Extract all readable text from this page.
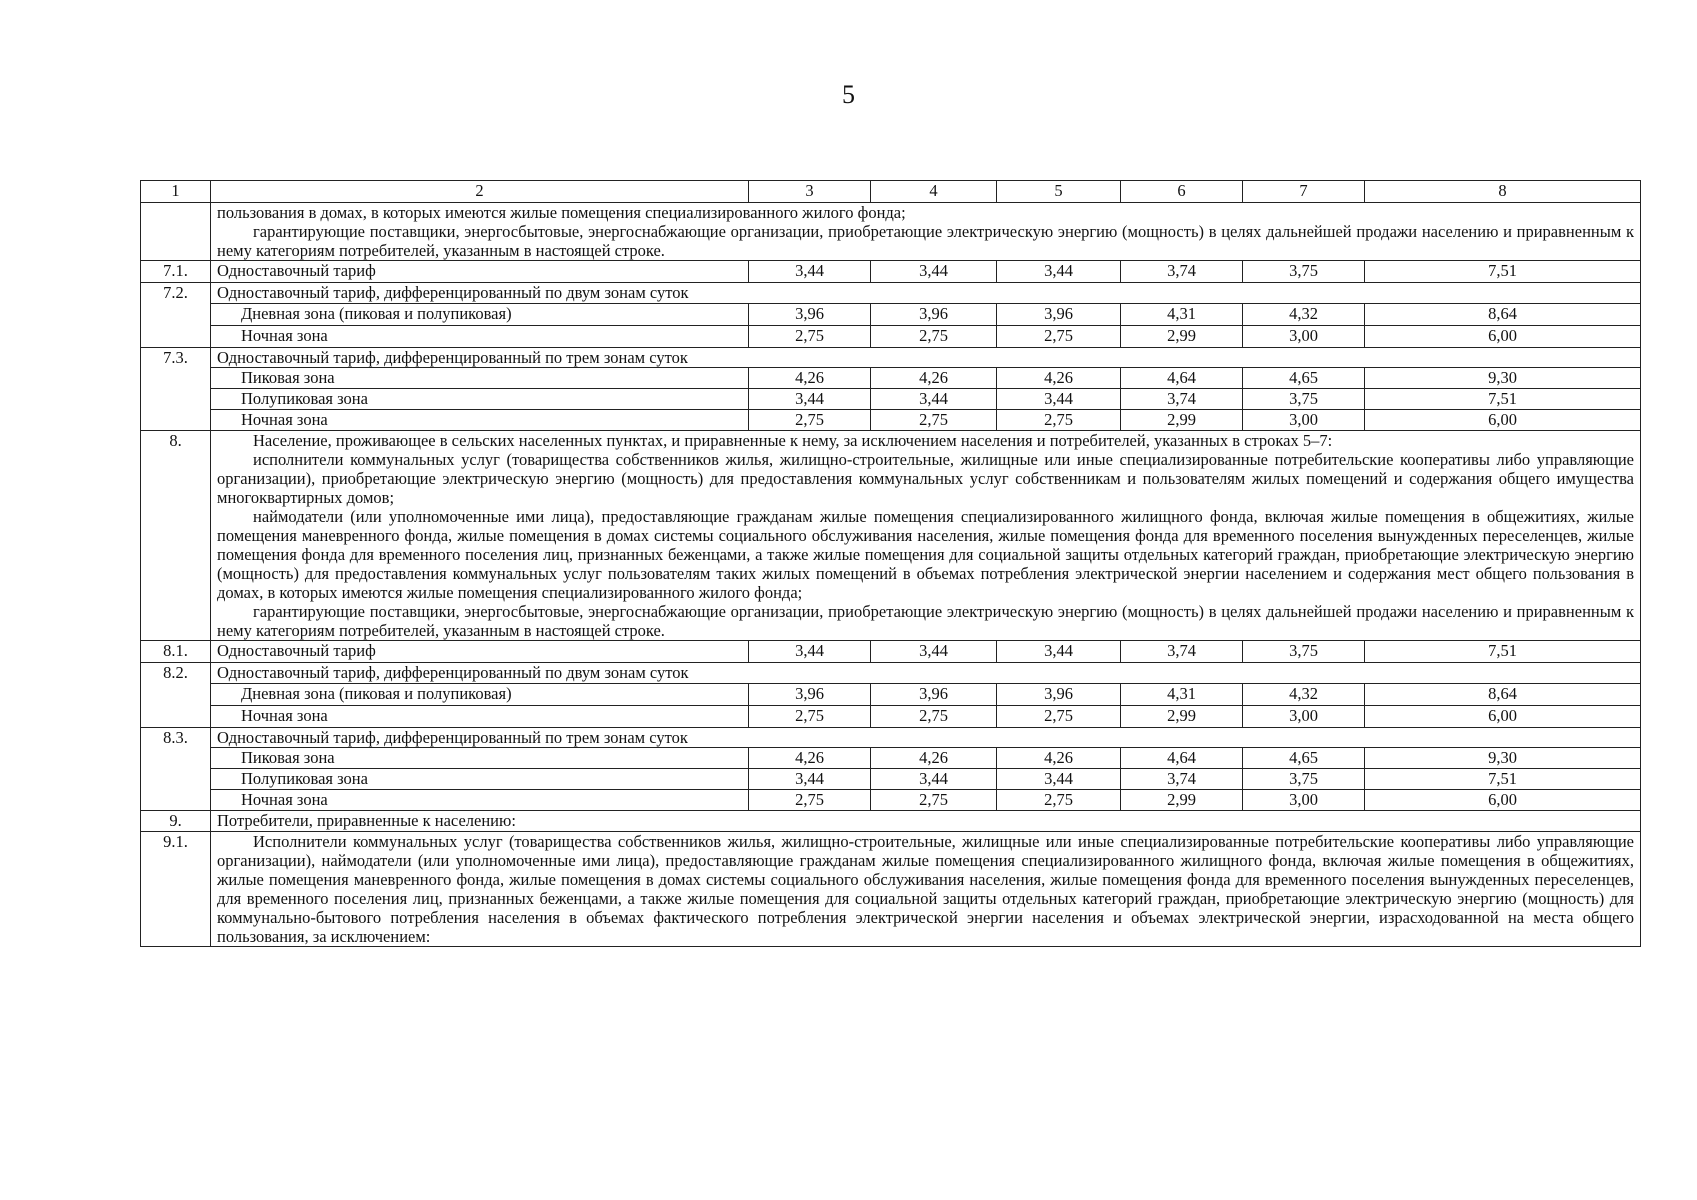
5
1	2	3	4	5	6	7	8

	пользования в домах, в которых имеются жилые помещения специализированного жилого фонда;

гарантирующие поставщики, энергосбытовые, энергоснабжающие организации, приобретающие электрическую энергию (мощность) в целях дальнейшей продажи населению и приравненным к нему категориям потребителей, указанным в настоящей строке.						

7.1.	Одноставочный тариф	3,44	3,44	3,44	3,74	3,75	7,51
7.2.	Одноставочный тариф, дифференцированный по двум зонам суток						
	Дневная зона (пиковая и полупиковая)	3,96	3,96	3,96	4,31	4,32	8,64
	Ночная зона	2,75	2,75	2,75	2,99	3,00	6,00
7.3.	Одноставочный тариф, дифференцированный по трем зонам суток						
	Пиковая зона	4,26	4,26	4,26	4,64	4,65	9,30
	Полупиковая зона	3,44	3,44	3,44	3,74	3,75	7,51
	Ночная зона	2,75	2,75	2,75	2,99	3,00	6,00
8.	Население, проживающее в сельских населенных пунктах, и приравненные к нему, за исключением населения и потребителей, указанных в строках 5–7:

исполнители коммунальных услуг (товарищества собственников жилья, жилищно-строительные, жилищные или иные специализированные потребительские кооперативы либо управляющие организации), приобретающие электрическую энергию (мощность) для предоставления коммунальных услуг собственникам и пользователям жилых помещений и содержания общего имущества многоквартирных домов;

наймодатели (или уполномоченные ими лица), предоставляющие гражданам жилые помещения специализированного жилищного фонда, включая жилые помещения в общежитиях, жилые помещения маневренного фонда, жилые помещения в домах системы социального обслуживания населения, жилые помещения фонда для временного поселения вынужденных переселенцев, жилые помещения фонда для временного поселения лиц, признанных беженцами, а также жилые помещения для социальной защиты отдельных категорий граждан, приобретающие электрическую энергию (мощность) для предоставления коммунальных услуг пользователям таких жилых помещений в объемах потребления электрической энергии населением и содержания мест общего пользования в домах, в которых имеются жилые помещения специализированного жилого фонда;

гарантирующие поставщики, энергосбытовые, энергоснабжающие организации, приобретающие электрическую энергию (мощность) в целях дальнейшей продажи населению и приравненным к нему категориям потребителей, указанным в настоящей строке.						

8.1.	Одноставочный тариф	3,44	3,44	3,44	3,74	3,75	7,51
8.2.	Одноставочный тариф, дифференцированный по двум зонам суток						
	Дневная зона (пиковая и полупиковая)	3,96	3,96	3,96	4,31	4,32	8,64
	Ночная зона	2,75	2,75	2,75	2,99	3,00	6,00
8.3.	Одноставочный тариф, дифференцированный по трем зонам суток						
	Пиковая зона	4,26	4,26	4,26	4,64	4,65	9,30
	Полупиковая зона	3,44	3,44	3,44	3,74	3,75	7,51
	Ночная зона	2,75	2,75	2,75	2,99	3,00	6,00
9.	Потребители, приравненные к населению:						
9.1.	Исполнители коммунальных услуг (товарищества собственников жилья, жилищно-строительные, жилищные или иные специализированные потребительские кооперативы либо управляющие организации), наймодатели (или уполномоченные ими лица), предоставляющие гражданам жилые помещения специализированного жилищного фонда, включая жилые помещения в общежитиях, жилые помещения маневренного фонда, жилые помещения в домах системы социального обслуживания населения, жилые помещения фонда для временного поселения вынужденных переселенцев, для временного поселения лиц, признанных беженцами, а также жилые помещения для социальной защиты отдельных категорий граждан, приобретающие электрическую энергию (мощность) для коммунально-бытового потребления населения в объемах фактического потребления электрической энергии населения и объемах электрической энергии, израсходованной на места общего пользования, за исключением:						
